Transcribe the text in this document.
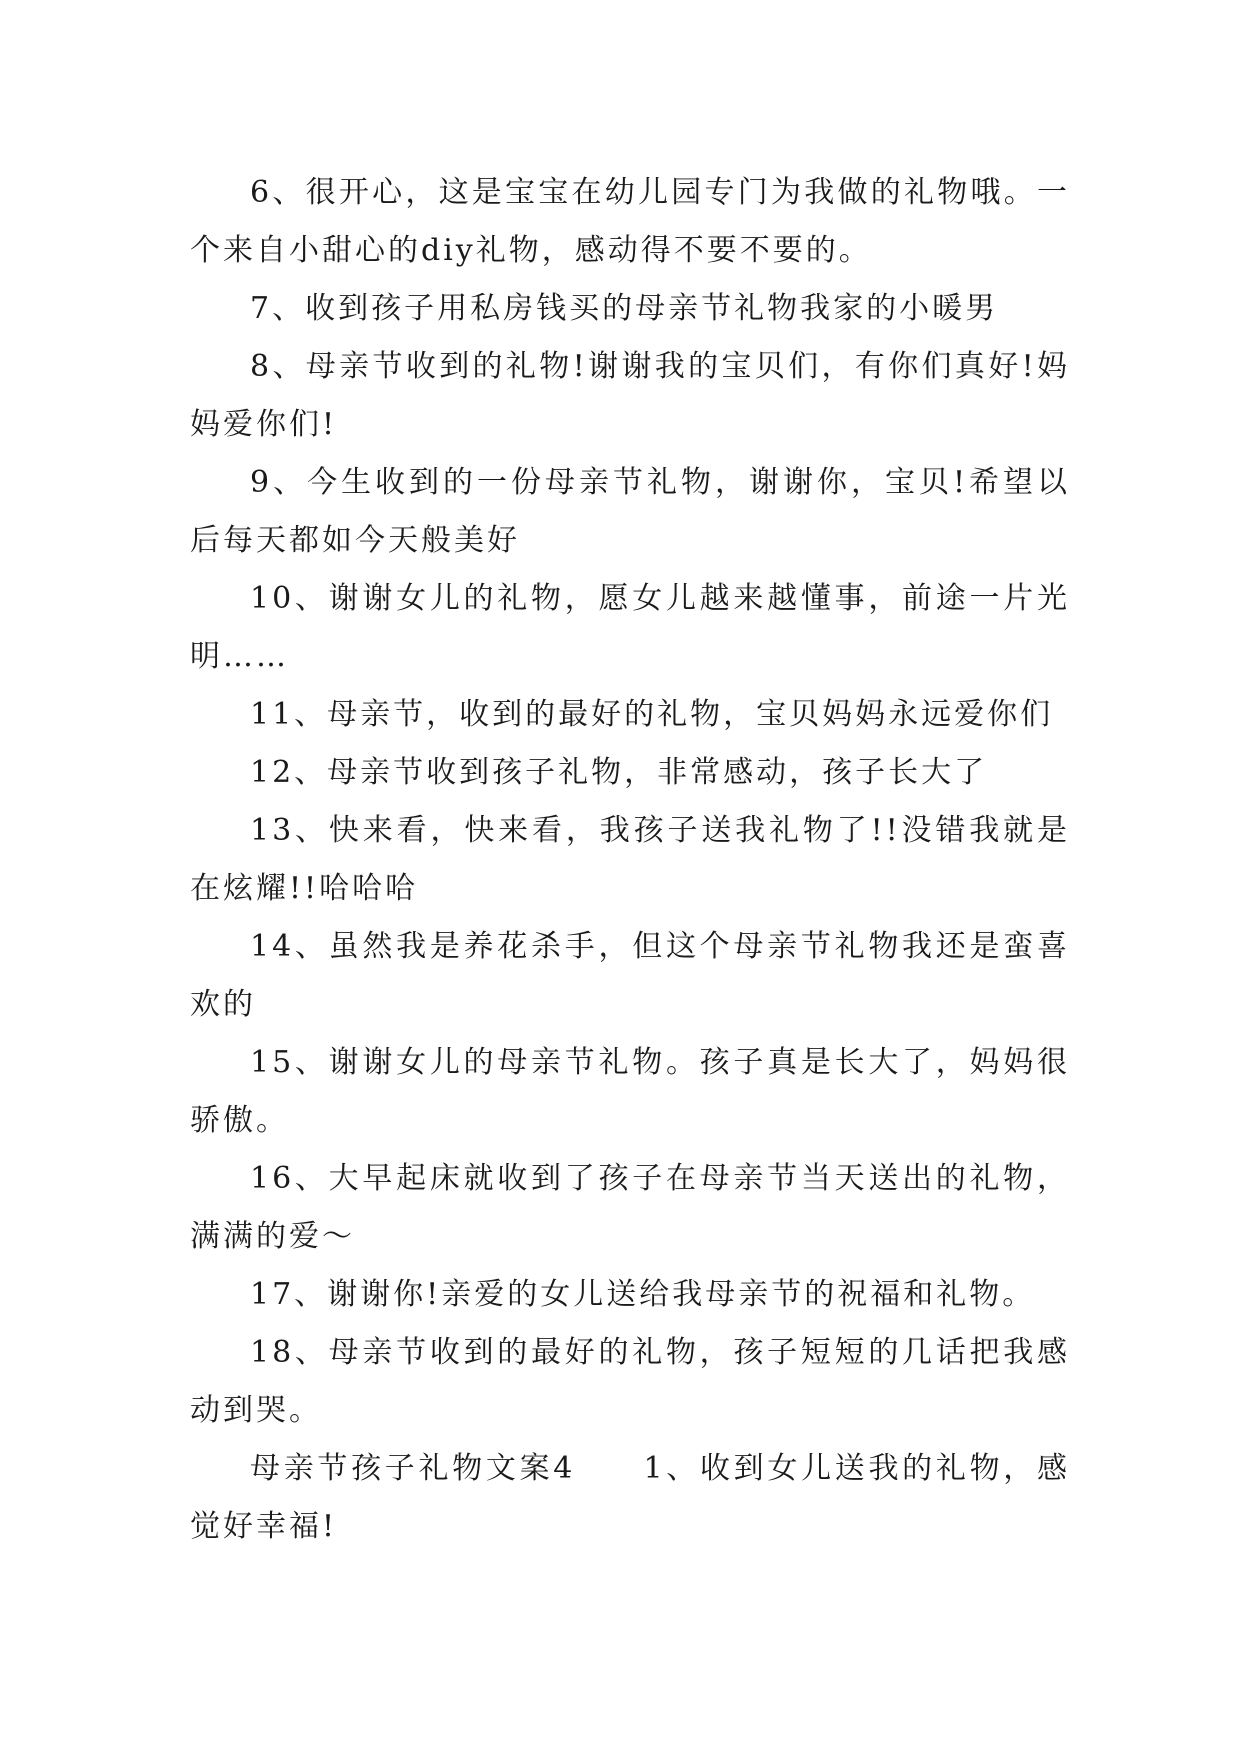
6、很开心，这是宝宝在幼儿园专门为我做的礼物哦。一个来自小甜心的diy礼物，感动得不要不要的。

7、收到孩子用私房钱买的母亲节礼物我家的小暖男

8、母亲节收到的礼物!谢谢我的宝贝们，有你们真好!妈妈爱你们!

9、今生收到的一份母亲节礼物，谢谢你，宝贝!希望以后每天都如今天般美好

10、谢谢女儿的礼物，愿女儿越来越懂事，前途一片光明……

11、母亲节，收到的最好的礼物，宝贝妈妈永远爱你们

12、母亲节收到孩子礼物，非常感动，孩子长大了

13、快来看，快来看，我孩子送我礼物了!!没错我就是在炫耀!!哈哈哈

14、虽然我是养花杀手，但这个母亲节礼物我还是蛮喜欢的

15、谢谢女儿的母亲节礼物。孩子真是长大了，妈妈很骄傲。

16、大早起床就收到了孩子在母亲节当天送出的礼物，满满的爱～

17、谢谢你!亲爱的女儿送给我母亲节的祝福和礼物。

18、母亲节收到的最好的礼物，孩子短短的几话把我感动到哭。

母亲节孩子礼物文案4　　1、收到女儿送我的礼物，感觉好幸福!
